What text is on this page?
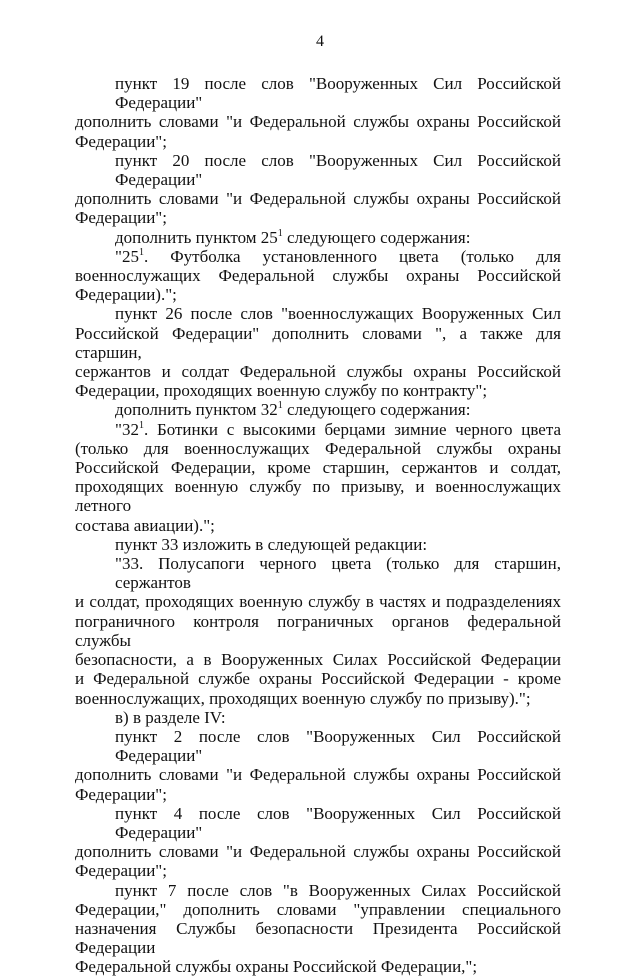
4
пункт 19 после слов "Вооруженных Сил Российской Федерации"
дополнить словами "и Федеральной службы охраны Российской
Федерации";
пункт 20 после слов "Вооруженных Сил Российской Федерации"
дополнить словами "и Федеральной службы охраны Российской
Федерации";
дополнить пунктом $25^1$ следующего содержания:
"$25^1$. Футболка установленного цвета (только для
военнослужащих Федеральной службы охраны Российской
Федерации).";
пункт 26 после слов "военнослужащих Вооруженных Сил
Российской Федерации" дополнить словами ", а также для старшин,
сержантов и солдат Федеральной службы охраны Российской
Федерации, проходящих военную службу по контракту";
дополнить пунктом $32^1$ следующего содержания:
"$32^1$. Ботинки с высокими берцами зимние черного цвета
(только для военнослужащих Федеральной службы охраны
Российской Федерации, кроме старшин, сержантов и солдат,
проходящих военную службу по призыву, и военнослужащих летного
состава авиации).";
пункт 33 изложить в следующей редакции:
"33. Полусапоги черного цвета (только для старшин, сержантов
и солдат, проходящих военную службу в частях и подразделениях
пограничного контроля пограничных органов федеральной службы
безопасности, а в Вооруженных Силах Российской Федерации
и Федеральной службе охраны Российской Федерации - кроме
военнослужащих, проходящих военную службу по призыву).";
в) в разделе IV:
пункт 2 после слов "Вооруженных Сил Российской Федерации"
дополнить словами "и Федеральной службы охраны Российской
Федерации";
пункт 4 после слов "Вооруженных Сил Российской Федерации"
дополнить словами "и Федеральной службы охраны Российской
Федерации";
пункт 7 после слов "в Вооруженных Силах Российской
Федерации," дополнить словами "управлении специального
назначения Службы безопасности Президента Российской Федерации
Федеральной службы охраны Российской Федерации,";
